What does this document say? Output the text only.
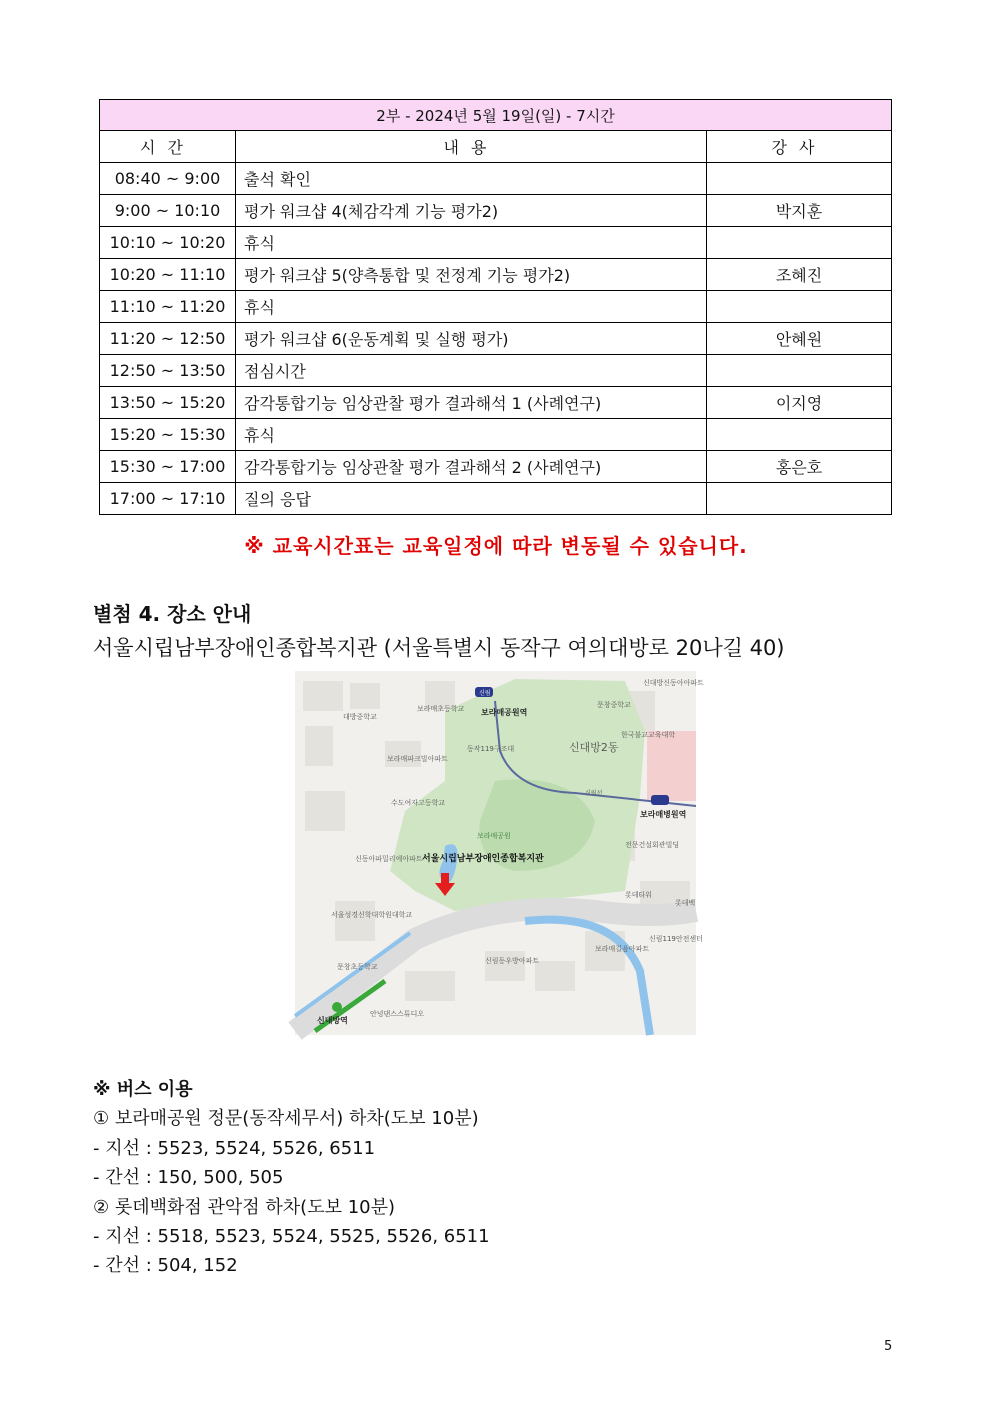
2부 - 2024년 5월 19일(일) - 7시간		
시간	내용	강사
08:40 ~ 9:00	출석 확인	
9:00 ~ 10:10	평가 워크샵 4(체감각계 기능 평가2)	박지훈
10:10 ~ 10:20	휴식	
10:20 ~ 11:10	평가 워크샵 5(양측통합 및 전정계 기능 평가2)	조혜진
11:10 ~ 11:20	휴식	
11:20 ~ 12:50	평가 워크샵 6(운동계획 및 실행 평가)	안혜원
12:50 ~ 13:50	점심시간	
13:50 ~ 15:20	감각통합기능 임상관찰 평가 결과해석 1 (사례연구)	이지영
15:20 ~ 15:30	휴식	
15:30 ~ 17:00	감각통합기능 임상관찰 평가 결과해석 2 (사례연구)	홍은호
17:00 ~ 17:10	질의 응답	
※ 교육시간표는 교육일정에 따라 변동될 수 있습니다.
별첨 4. 장소 안내
서울시립남부장애인종합복지관 (서울특별시 동작구 여의대방로 20나길 40)
보라매공원역
보라매병원역
신대방역
신대방2동
보라매공원
대방중학교
보라매초등학교
보라매파크빌아파트
동작119구조대
수도여자고등학교
신동아파밀리에아파트
서울성경신학대학원대학교
문창초등학교
문창중학교
신대방신동아아파트
한국불교교육대학
전문건설회관빌딩
롯데타워
롯데백
신림119안전센터
보라매길음아파트
신림동우방아파트
안녕댄스스튜디오
신림
신림선
서울시립남부장애인종합복지관
※ 버스 이용
① 보라매공원 정문(동작세무서) 하차(도보 10분)
- 지선 : 5523, 5524, 5526, 6511
- 간선 : 150, 500, 505
② 롯데백화점 관악점 하차(도보 10분)
- 지선 : 5518, 5523, 5524, 5525, 5526, 6511
- 간선 : 504, 152
5
